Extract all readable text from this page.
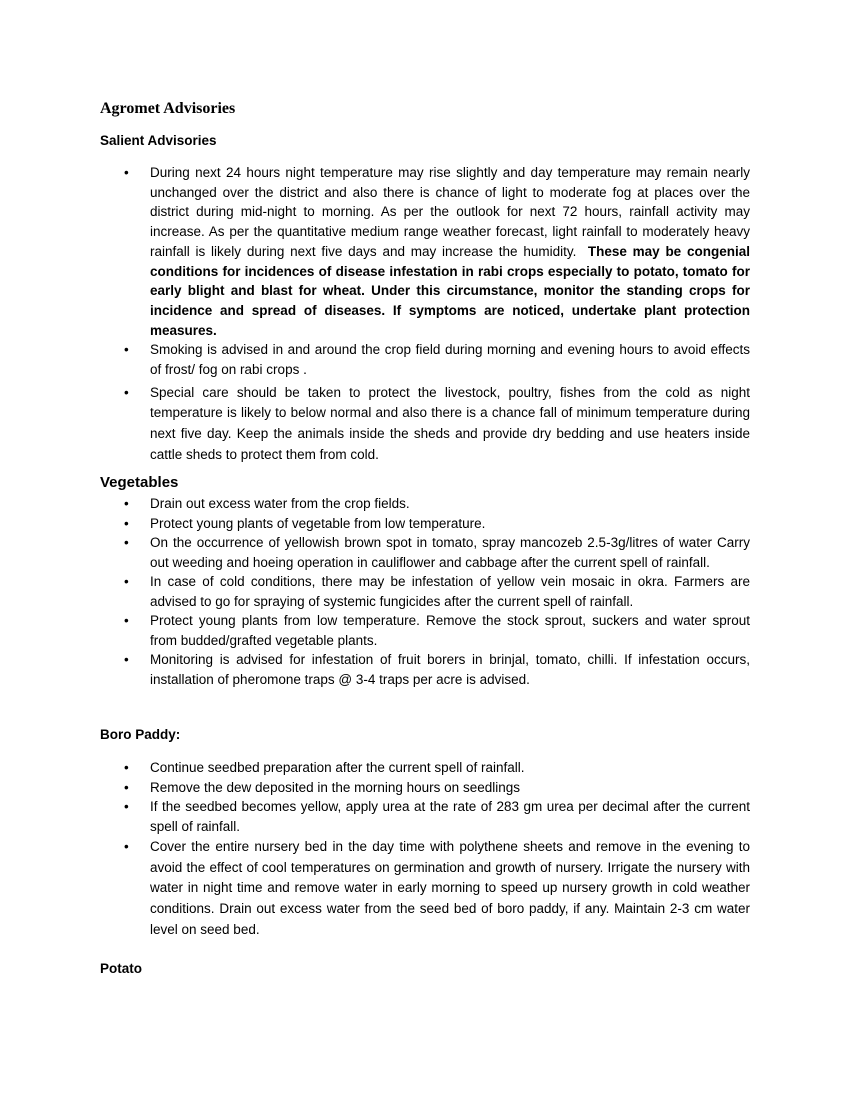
Agromet Advisories

Salient Advisories

• During next 24 hours night temperature may rise slightly and day temperature may remain nearly unchanged over the district and also there is chance of light to moderate fog at places over the district during mid-night to morning. As per the outlook for next 72 hours, rainfall activity may increase. As per the quantitative medium range weather forecast, light rainfall to moderately heavy rainfall is likely during next five days and may increase the humidity. These may be congenial conditions for incidences of disease infestation in rabi crops especially to potato, tomato for early blight and blast for wheat. Under this circumstance, monitor the standing crops for incidence and spread of diseases. If symptoms are noticed, undertake plant protection measures.
• Smoking is advised in and around the crop field during morning and evening hours to avoid effects of frost/ fog on rabi crops .
• Special care should be taken to protect the livestock, poultry, fishes from the cold as night temperature is likely to below normal and also there is a chance fall of minimum temperature during next five day. Keep the animals inside the sheds and provide dry bedding and use heaters inside cattle sheds to protect them from cold.

Vegetables

• Drain out excess water from the crop fields.
• Protect young plants of vegetable from low temperature.
• On the occurrence of yellowish brown spot in tomato, spray mancozeb 2.5-3g/litres of water Carry out weeding and hoeing operation in cauliflower and cabbage after the current spell of rainfall.
• In case of cold conditions, there may be infestation of yellow vein mosaic in okra. Farmers are advised to go for spraying of systemic fungicides after the current spell of rainfall.
• Protect young plants from low temperature. Remove the stock sprout, suckers and water sprout from budded/grafted vegetable plants.
• Monitoring is advised for infestation of fruit borers in brinjal, tomato, chilli. If infestation occurs, installation of pheromone traps @ 3-4 traps per acre is advised.

Boro Paddy:

• Continue seedbed preparation after the current spell of rainfall.
• Remove the dew deposited in the morning hours on seedlings
• If the seedbed becomes yellow, apply urea at the rate of 283 gm urea per decimal after the current spell of rainfall.
• Cover the entire nursery bed in the day time with polythene sheets and remove in the evening to avoid the effect of cool temperatures on germination and growth of nursery. Irrigate the nursery with water in night time and remove water in early morning to speed up nursery growth in cold weather conditions. Drain out excess water from the seed bed of boro paddy, if any. Maintain 2-3 cm water level on seed bed.

Potato
